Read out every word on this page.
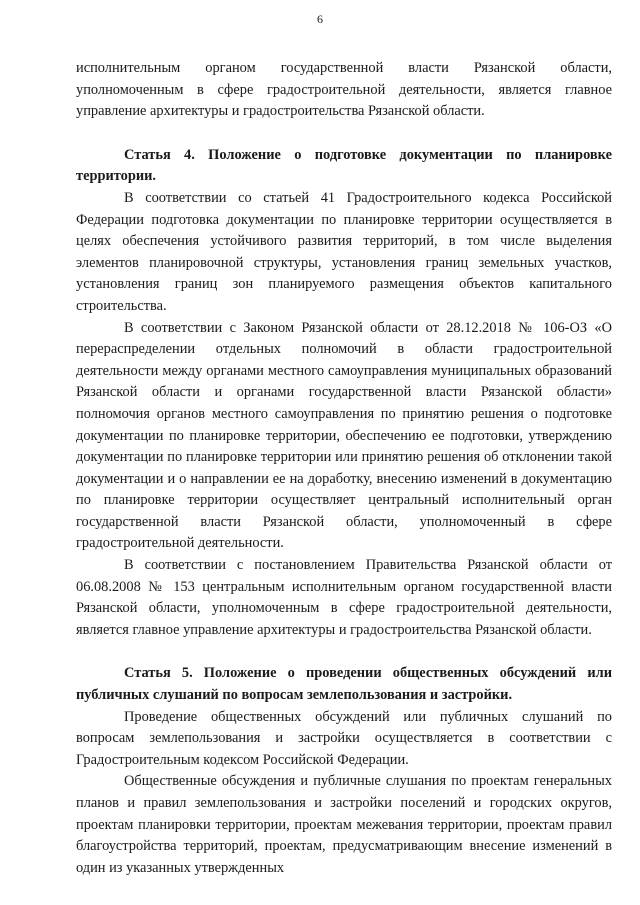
6

исполнительным органом государственной власти Рязанской области, уполномоченным в сфере градостроительной деятельности, является главное управление архитектуры и градостроительства Рязанской области.

Статья 4. Положение о подготовке документации по планировке территории.

В соответствии со статьей 41 Градостроительного кодекса Российской Федерации подготовка документации по планировке территории осуществляется в целях обеспечения устойчивого развития территорий, в том числе выделения элементов планировочной структуры, установления границ земельных участков, установления границ зон планируемого размещения объектов капитального строительства.

В соответствии с Законом Рязанской области от 28.12.2018 № 106-ОЗ «О перераспределении отдельных полномочий в области градостроительной деятельности между органами местного самоуправления муниципальных образований Рязанской области и органами государственной власти Рязанской области» полномочия органов местного самоуправления по принятию решения о подготовке документации по планировке территории, обеспечению ее подготовки, утверждению документации по планировке территории или принятию решения об отклонении такой документации и о направлении ее на доработку, внесению изменений в документацию по планировке территории осуществляет центральный исполнительный орган государственной власти Рязанской области, уполномоченный в сфере градостроительной деятельности.

В соответствии с постановлением Правительства Рязанской области от 06.08.2008 № 153 центральным исполнительным органом государственной власти Рязанской области, уполномоченным в сфере градостроительной деятельности, является главное управление архитектуры и градостроительства Рязанской области.

Статья 5. Положение о проведении общественных обсуждений или публичных слушаний по вопросам землепользования и застройки.

Проведение общественных обсуждений или публичных слушаний по вопросам землепользования и застройки осуществляется в соответствии с Градостроительным кодексом Российской Федерации.

Общественные обсуждения и публичные слушания по проектам генеральных планов и правил землепользования и застройки поселений и городских округов, проектам планировки территории, проектам межевания территории, проектам правил благоустройства территорий, проектам, предусматривающим внесение изменений в один из указанных утвержденных
